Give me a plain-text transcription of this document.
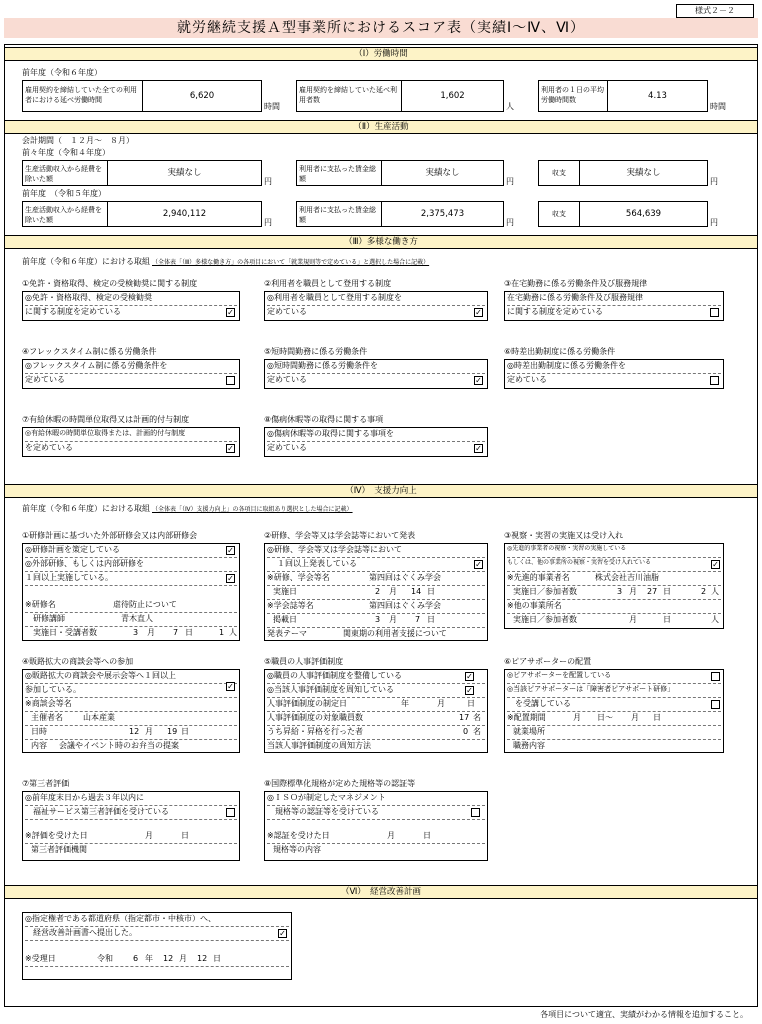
様式２－２
就労継続支援Ａ型事業所におけるスコア表（実績Ⅰ～Ⅳ、Ⅵ）
（Ⅰ）労働時間
前年度（令和６年度）
雇用契約を締結していた全ての利用者における延べ労働時間	6,620
時間
雇用契約を締結していた延べ利用者数	1,602
人
利用者の１日の平均労働時間数	4.13
時間
（Ⅱ）生産活動
会計期間（　１２月～　８月）
前々年度（令和４年度）
生産活動収入から経費を除いた額
実績なし
円
利用者に支払った賃金総額
実績なし
円
収支	実績なし
円
前年度　（令和５年度）
生産活動収入から経費を除いた額
2,940,112
円
利用者に支払った賃金総額
2,375,473
円
収支	564,639
円
（Ⅲ）多様な働き方
前年度（令和６年度）における取組 （全体表「（Ⅲ）多様な働き方」の各項目において「就業規則等で定めている」と選択した場合に記載）
①免許・資格取得、検定の受検勧奨に関する制度
◎免許・資格取得、検定の受検勧奨
に関する制度を定めている	✓
②利用者を職員として登用する制度
◎利用者を職員として登用する制度を
定めている	✓
③在宅勤務に係る労働条件及び服務規律
在宅勤務に係る労働条件及び服務規律
に関する制度を定めている
④フレックスタイム制に係る労働条件
◎フレックスタイム制に係る労働条件を
定めている
⑤短時間勤務に係る労働条件
◎短時間勤務に係る労働条件を
定めている	✓
⑥時差出勤制度に係る労働条件
◎時差出勤制度に係る労働条件を
定めている
⑦有給休暇の時間単位取得又は計画的付与制度
◎有給休暇の時間単位取得または、計画的付与制度
を定めている	✓
⑧傷病休暇等の取得に関する事項
◎傷病休暇等の取得に関する事項を
定めている	✓
（Ⅳ）　支援力向上
前年度（令和６年度）における取組 （全体表「（Ⅳ）支援力向上」の各項目に取組あり選択とした場合に記載）
①研修計画に基づいた外部研修会又は内部研修会
◎研修計画を策定している	✓
◎外部研修、もしくは内部研修を
１回以上実施している。	✓
※研修名	虐待防止について
研修講師	青木直人
実施日・受講者数	3 月 7 日	1 人
②研修、学会等又は学会誌等において発表
◎研修、学会等又は学会誌等において
１回以上発表している	✓
※研修、学会等名	第四回はぐくみ学会
実施日	2 月 14 日
※学会誌等名	第四回はぐくみ学会
掲載日	3 月 7 日
発表テーマ	関東期の利用者支援について
③視察・実習の実施又は受け入れ
◎先進的事業者の視察・実習の実施している
もしくは、他の事業所の視察・実習を受け入れている	✓
※先進的事業者名	株式会社吉川油脂
実施日／参加者数	3 月 27 日	2 人
※他の事業所名
実施日／参加者数	月	日	人
④販路拡大の商談会等への参加
◎販路拡大の商談会や展示会等へ１回以上
参加している。	✓
※商談会等名
主催者名	山本産業
日時	12 月 19 日
内容 会議やイベント時のお弁当の提案
⑤職員の人事評価制度
◎職員の人事評価制度を整備している	✓
◎当該人事評価制度を周知している	✓
人事評価制度の制定日	年	月	日
人事評価制度の対象職員数	17 名
うち昇給・昇格を行った者	0 名
当該人事評価制度の周知方法
⑥ピアサポーターの配置
◎ピアサポーターを配置している
◎当該ピアサポーターは「障害者ピアサポート研修」
を受講している
※配置期間	月 日～ 月 日
就業場所
職務内容
⑦第三者評価
◎前年度末日から過去３年以内に
福祉サービス第三者評価を受けている
※評価を受けた日	月	日
第三者評価機関
⑧国際標準化規格が定めた規格等の認証等
◎ＩＳＯが制定したマネジメント
規格等の認証等を受けている
※認証を受けた日	月	日
規格等の内容
（Ⅵ）　経営改善計画
◎指定権者である都道府県（指定都市・中核市）へ、
経営改善計画書へ提出した。	✓
※受理日	令和	6 年 12 月 12 日
各項目について適宜、実績がわかる情報を追加すること。
